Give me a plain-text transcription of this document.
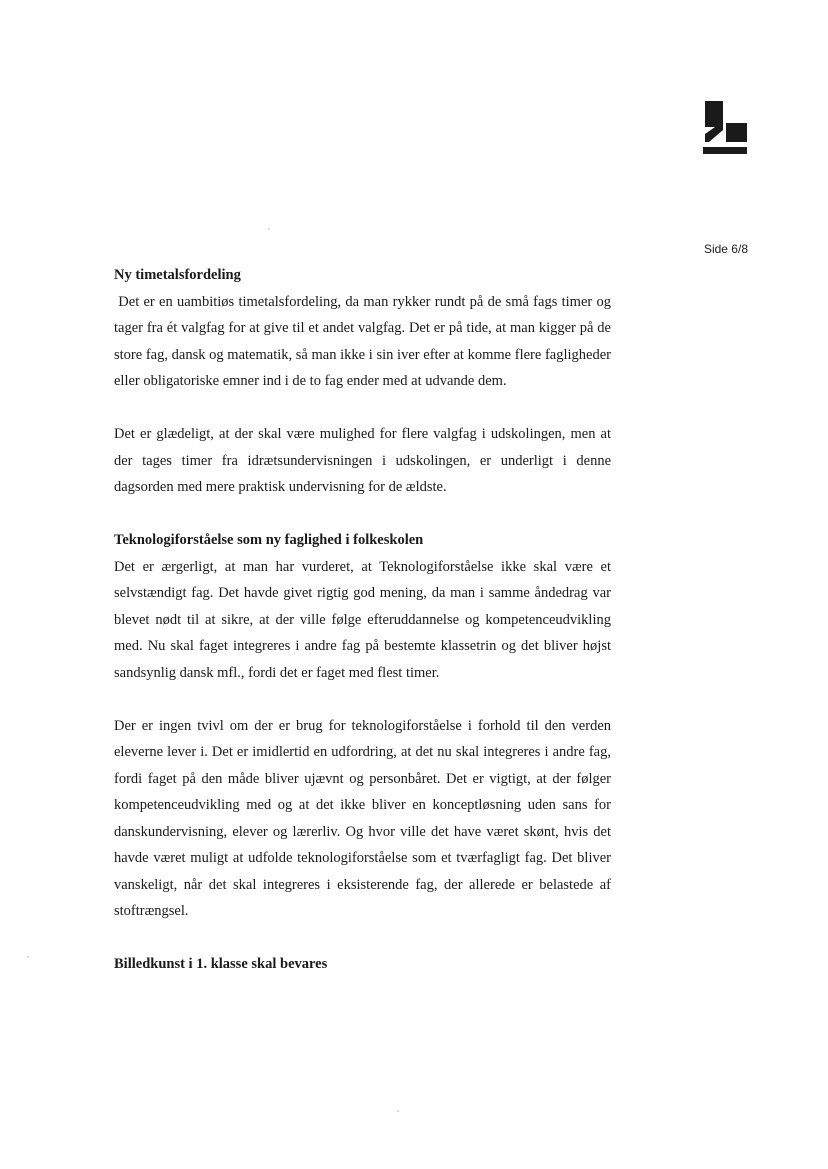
Side 6/8
Ny timetalsfordeling

Det er en uambitiøs timetalsfordeling, da man rykker rundt på de små fags timer og tager fra ét valgfag for at give til et andet valgfag. Det er på tide, at man kigger på de store fag, dansk og matematik, så man ikke i sin iver efter at komme flere fagligheder eller obligatoriske emner ind i de to fag ender med at udvande dem.

Det er glædeligt, at der skal være mulighed for flere valgfag i udskolingen, men at der tages timer fra idrætsundervisningen i udskolingen, er underligt i denne dagsorden med mere praktisk undervisning for de ældste.

Teknologiforståelse som ny faglighed i folkeskolen

Det er ærgerligt, at man har vurderet, at Teknologiforståelse ikke skal være et selvstændigt fag. Det havde givet rigtig god mening, da man i samme åndedrag var blevet nødt til at sikre, at der ville følge efteruddannelse og kompetenceudvikling med. Nu skal faget integreres i andre fag på bestemte klassetrin og det bliver højst sandsynlig dansk mfl., fordi det er faget med flest timer.

Der er ingen tvivl om der er brug for teknologiforståelse i forhold til den verden eleverne lever i. Det er imidlertid en udfordring, at det nu skal integreres i andre fag, fordi faget på den måde bliver ujævnt og personbåret. Det er vigtigt, at der følger kompetenceudvikling med og at det ikke bliver en konceptløsning uden sans for danskundervisning, elever og lærerliv. Og hvor ville det have været skønt, hvis det havde været muligt at udfolde teknologiforståelse som et tværfagligt fag. Det bliver vanskeligt, når det skal integreres i eksisterende fag, der allerede er belastede af stoftrængsel.

Billedkunst i 1. klasse skal bevares
